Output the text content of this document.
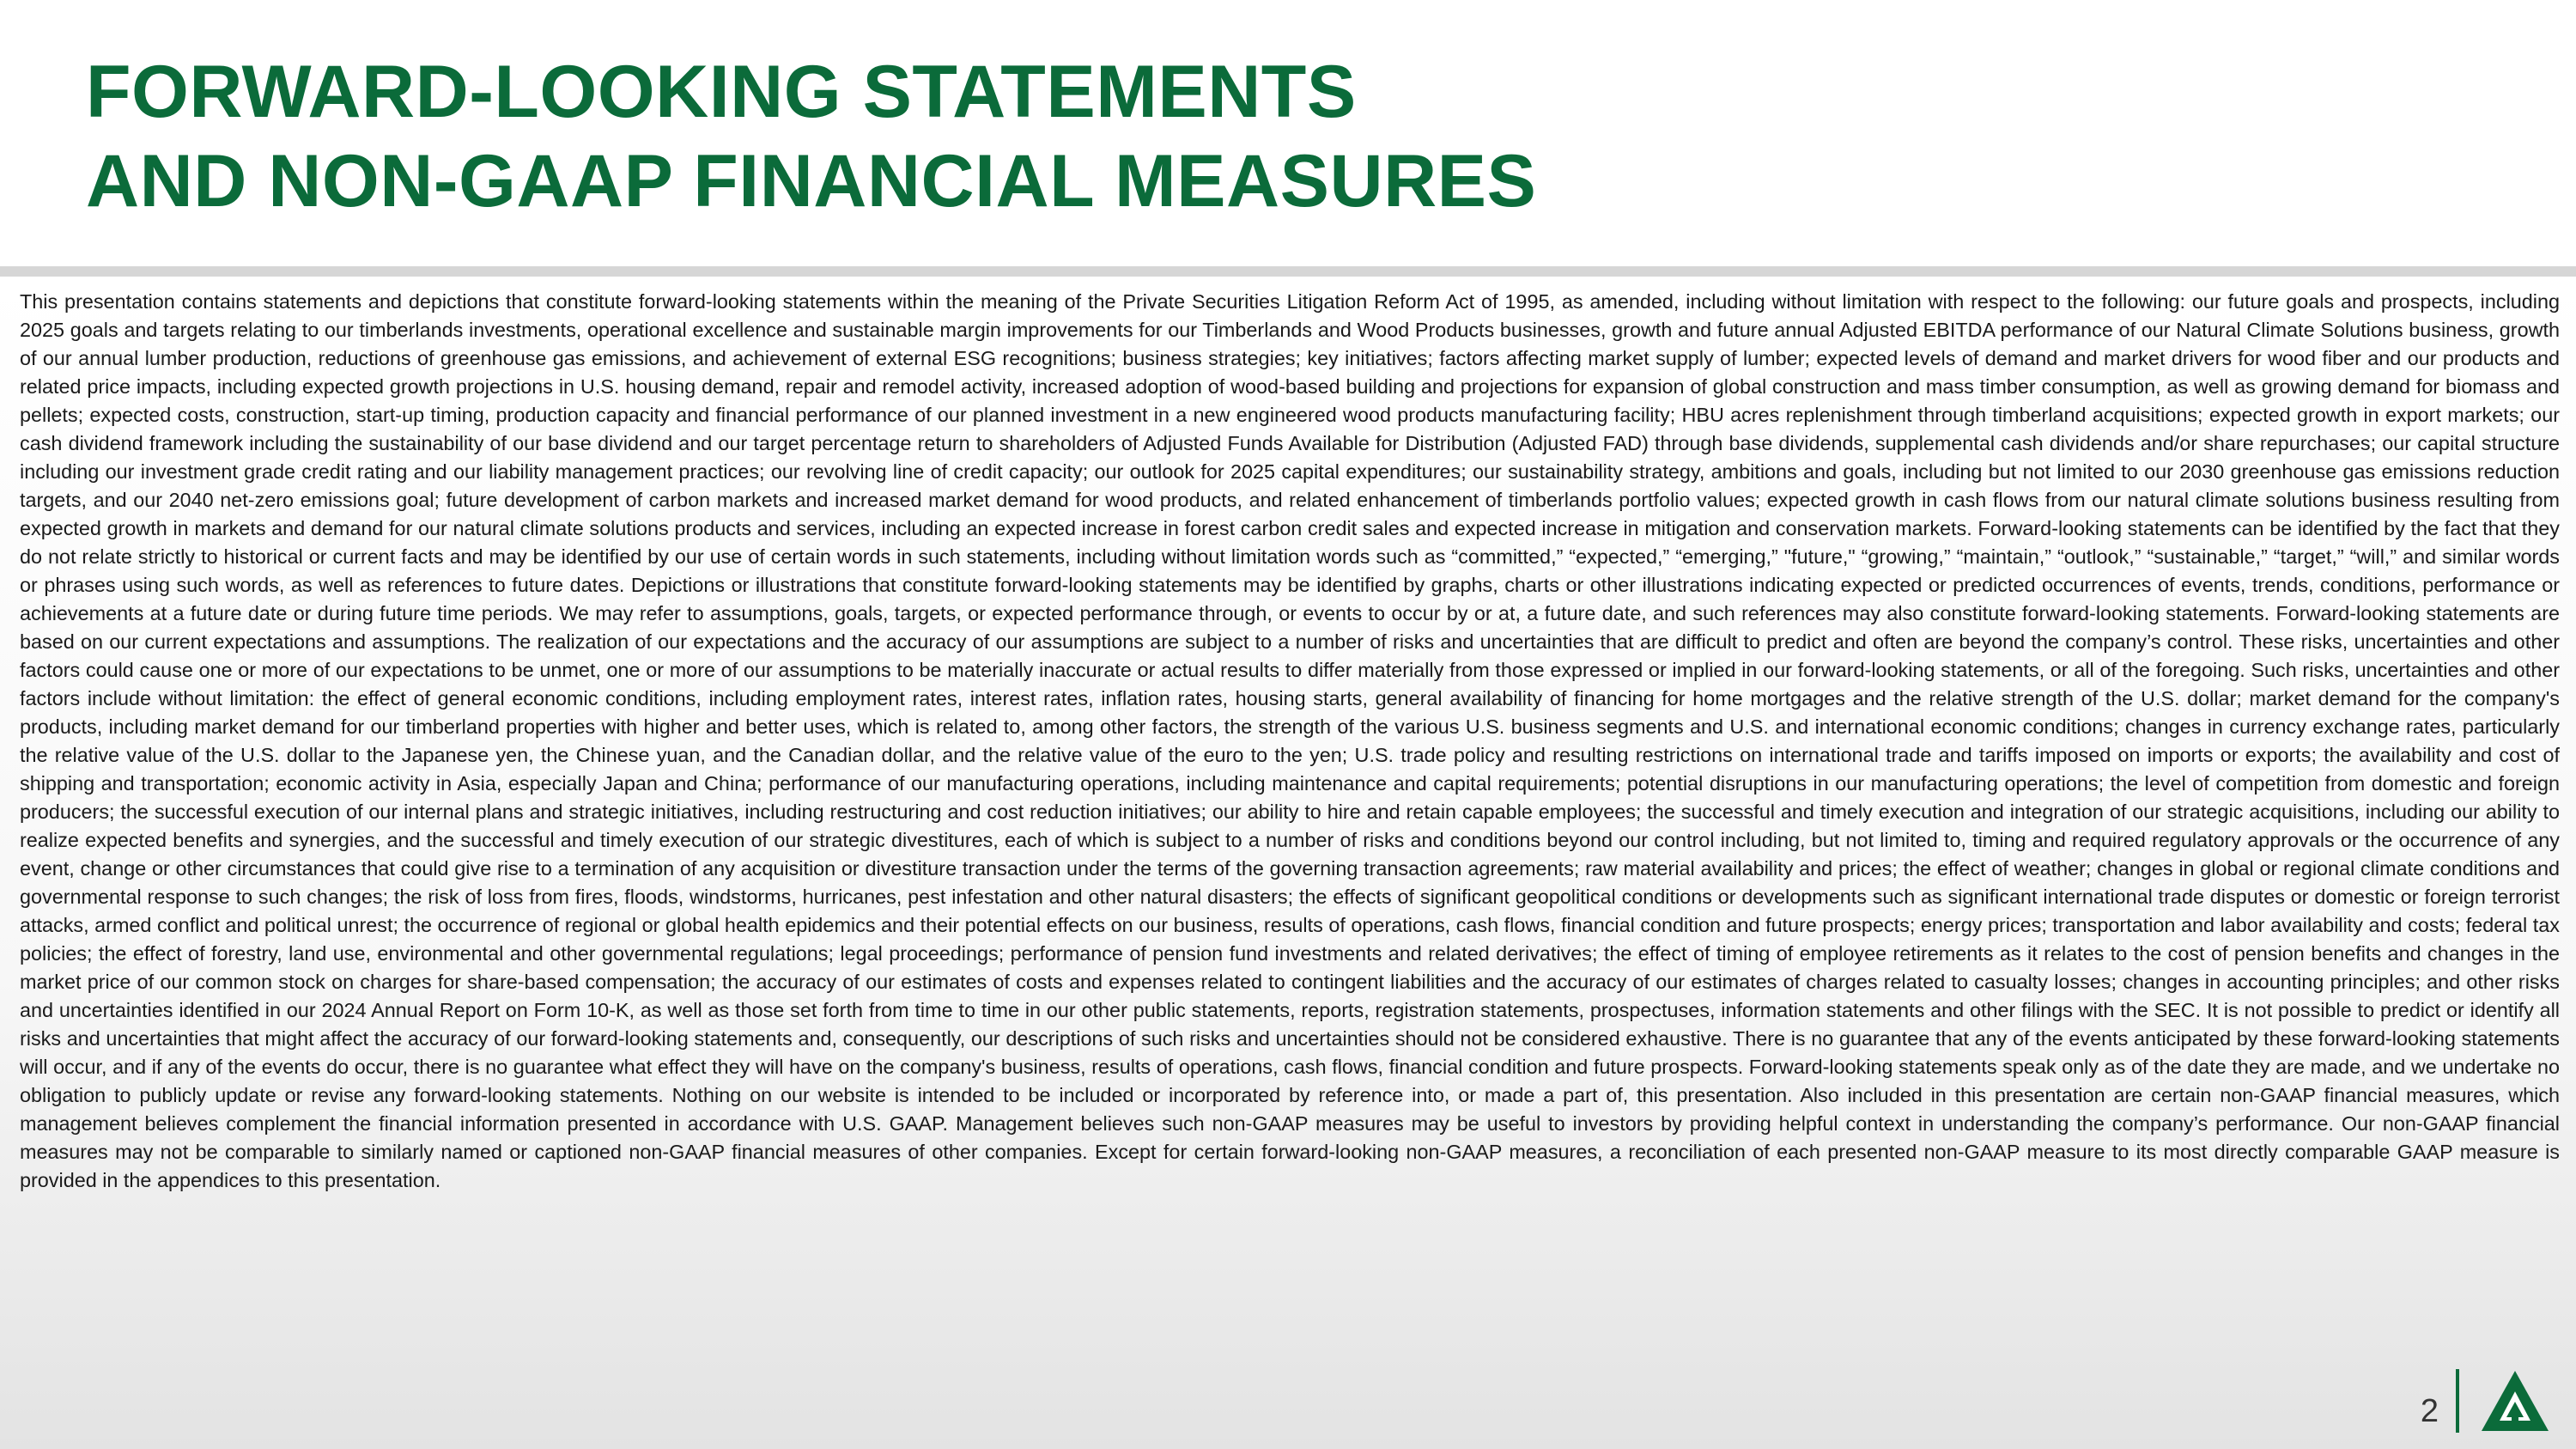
FORWARD-LOOKING STATEMENTS
AND NON-GAAP FINANCIAL MEASURES

This presentation contains statements and depictions that constitute forward-looking statements within the meaning of the Private Securities Litigation Reform Act of 1995, as amended, including without limitation with respect to the following: our future goals and prospects, including 2025 goals and targets relating to our timberlands investments, operational excellence and sustainable margin improvements for our Timberlands and Wood Products businesses, growth and future annual Adjusted EBITDA performance of our Natural Climate Solutions business, growth of our annual lumber production, reductions of greenhouse gas emissions, and achievement of external ESG recognitions; business strategies; key initiatives; factors affecting market supply of lumber; expected levels of demand and market drivers for wood fiber and our products and related price impacts, including expected growth projections in U.S. housing demand, repair and remodel activity, increased adoption of wood-based building and projections for expansion of global construction and mass timber consumption, as well as growing demand for biomass and pellets; expected costs, construction, start-up timing, production capacity and financial performance of our planned investment in a new engineered wood products manufacturing facility; HBU acres replenishment through timberland acquisitions; expected growth in export markets; our cash dividend framework including the sustainability of our base dividend and our target percentage return to shareholders of Adjusted Funds Available for Distribution (Adjusted FAD) through base dividends, supplemental cash dividends and/or share repurchases; our capital structure including our investment grade credit rating and our liability management practices; our revolving line of credit capacity; our outlook for 2025 capital expenditures; our sustainability strategy, ambitions and goals, including but not limited to our 2030 greenhouse gas emissions reduction targets, and our 2040 net-zero emissions goal; future development of carbon markets and increased market demand for wood products, and related enhancement of timberlands portfolio values; expected growth in cash flows from our natural climate solutions business resulting from expected growth in markets and demand for our natural climate solutions products and services, including an expected increase in forest carbon credit sales and expected increase in mitigation and conservation markets. Forward-looking statements can be identified by the fact that they do not relate strictly to historical or current facts and may be identified by our use of certain words in such statements, including without limitation words such as “committed,” “expected,” “emerging,” "future," “growing,” “maintain,” “outlook,” “sustainable,” “target,” “will,” and similar words or phrases using such words, as well as references to future dates. Depictions or illustrations that constitute forward-looking statements may be identified by graphs, charts or other illustrations indicating expected or predicted occurrences of events, trends, conditions, performance or achievements at a future date or during future time periods. We may refer to assumptions, goals, targets, or expected performance through, or events to occur by or at, a future date, and such references may also constitute forward-looking statements. Forward-looking statements are based on our current expectations and assumptions. The realization of our expectations and the accuracy of our assumptions are subject to a number of risks and uncertainties that are difficult to predict and often are beyond the company’s control. These risks, uncertainties and other factors could cause one or more of our expectations to be unmet, one or more of our assumptions to be materially inaccurate or actual results to differ materially from those expressed or implied in our forward-looking statements, or all of the foregoing. Such risks, uncertainties and other factors include without limitation: the effect of general economic conditions, including employment rates, interest rates, inflation rates, housing starts, general availability of financing for home mortgages and the relative strength of the U.S. dollar; market demand for the company's products, including market demand for our timberland properties with higher and better uses, which is related to, among other factors, the strength of the various U.S. business segments and U.S. and international economic conditions; changes in currency exchange rates, particularly the relative value of the U.S. dollar to the Japanese yen, the Chinese yuan, and the Canadian dollar, and the relative value of the euro to the yen; U.S. trade policy and resulting restrictions on international trade and tariffs imposed on imports or exports; the availability and cost of shipping and transportation; economic activity in Asia, especially Japan and China; performance of our manufacturing operations, including maintenance and capital requirements; potential disruptions in our manufacturing operations; the level of competition from domestic and foreign producers; the successful execution of our internal plans and strategic initiatives, including restructuring and cost reduction initiatives; our ability to hire and retain capable employees; the successful and timely execution and integration of our strategic acquisitions, including our ability to realize expected benefits and synergies, and the successful and timely execution of our strategic divestitures, each of which is subject to a number of risks and conditions beyond our control including, but not limited to, timing and required regulatory approvals or the occurrence of any event, change or other circumstances that could give rise to a termination of any acquisition or divestiture transaction under the terms of the governing transaction agreements; raw material availability and prices; the effect of weather; changes in global or regional climate conditions and governmental response to such changes; the risk of loss from fires, floods, windstorms, hurricanes, pest infestation and other natural disasters; the effects of significant geopolitical conditions or developments such as significant international trade disputes or domestic or foreign terrorist attacks, armed conflict and political unrest; the occurrence of regional or global health epidemics and their potential effects on our business, results of operations, cash flows, financial condition and future prospects; energy prices; transportation and labor availability and costs; federal tax policies; the effect of forestry, land use, environmental and other governmental regulations; legal proceedings; performance of pension fund investments and related derivatives; the effect of timing of employee retirements as it relates to the cost of pension benefits and changes in the market price of our common stock on charges for share-based compensation; the accuracy of our estimates of costs and expenses related to contingent liabilities and the accuracy of our estimates of charges related to casualty losses; changes in accounting principles; and other risks and uncertainties identified in our 2024 Annual Report on Form 10-K, as well as those set forth from time to time in our other public statements, reports, registration statements, prospectuses, information statements and other filings with the SEC. It is not possible to predict or identify all risks and uncertainties that might affect the accuracy of our forward-looking statements and, consequently, our descriptions of such risks and uncertainties should not be considered exhaustive. There is no guarantee that any of the events anticipated by these forward-looking statements will occur, and if any of the events do occur, there is no guarantee what effect they will have on the company's business, results of operations, cash flows, financial condition and future prospects. Forward-looking statements speak only as of the date they are made, and we undertake no obligation to publicly update or revise any forward-looking statements. Nothing on our website is intended to be included or incorporated by reference into, or made a part of, this presentation. Also included in this presentation are certain non-GAAP financial measures, which management believes complement the financial information presented in accordance with U.S. GAAP. Management believes such non-GAAP measures may be useful to investors by providing helpful context in understanding the company’s performance. Our non-GAAP financial measures may not be comparable to similarly named or captioned non-GAAP financial measures of other companies. Except for certain forward-looking non-GAAP measures, a reconciliation of each presented non-GAAP measure to its most directly comparable GAAP measure is provided in the appendices to this presentation.

2
